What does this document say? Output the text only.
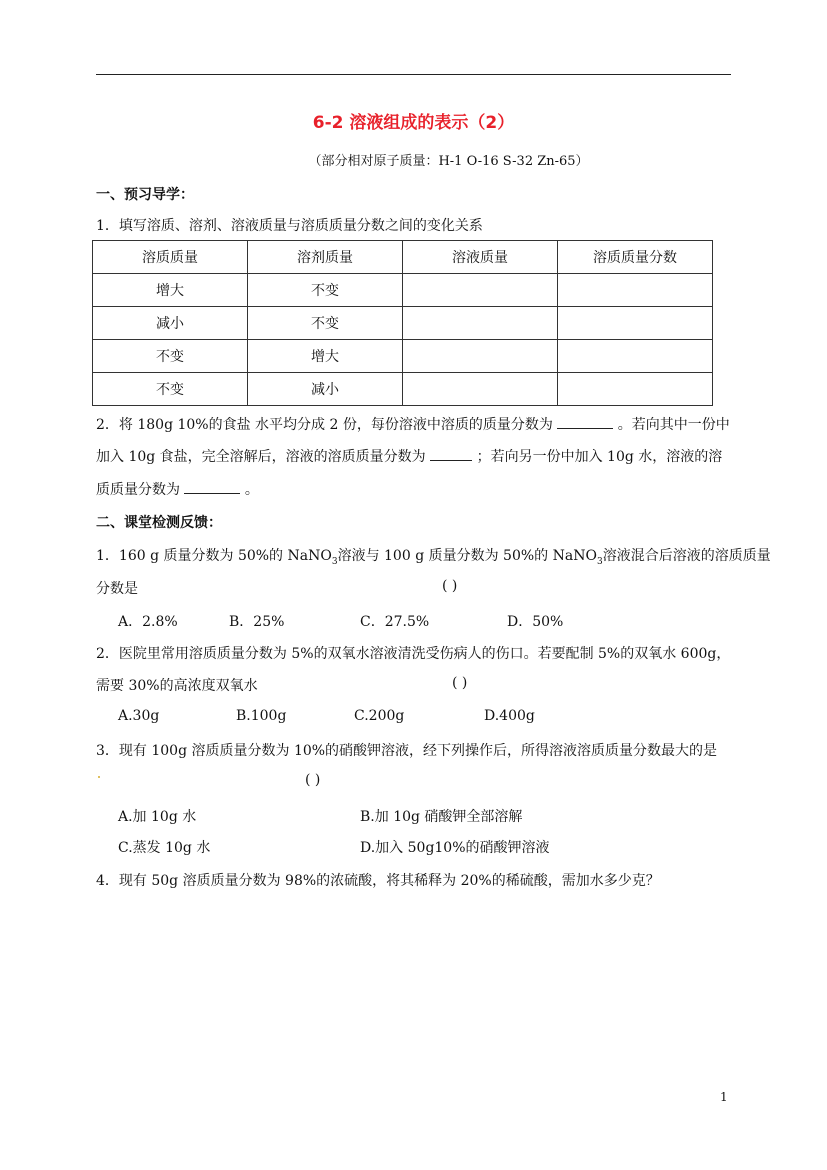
6-2 溶液组成的表示（2）
（部分相对原子质量：H-1 O-16 S-32 Zn-65）
一、预习导学：
1．填写溶质、溶剂、溶液质量与溶质质量分数之间的变化关系
溶质质量	溶剂质量	溶液质量	溶质质量分数
增大	不变		
减小	不变		
不变	增大		
不变	减小		
2．将 180g 10%的食盐 水平均分成 2 份，每份溶液中溶质的质量分数为	。若向其中一份中
加入 10g 食盐，完全溶解后，溶液的溶质质量分数为	；若向另一份中加入 10g 水，溶液的溶
质质量分数为	。
二、课堂检测反馈：
1．160 g 质量分数为 50%的 NaNO$_3$溶液与 100 g 质量分数为 50%的 NaNO$_3$溶液混合后溶液的溶质质量
分数是	( )
A．2.8%	B．25%	C．27.5%	D．50%
2．医院里常用溶质质量分数为 5%的双氧水溶液清洗受伤病人的伤口。若要配制 5%的双氧水 600g，
需要 30%的高浓度双氧水	( )
A.30g	B.100g	C.200g	D.400g
3．现有 100g 溶质质量分数为 10%的硝酸钾溶液，经下列操作后，所得溶液溶质质量分数最大的是
( )
A.加 10g 水	B.加 10g 硝酸钾全部溶解
C.蒸发 10g 水	D.加入 50g10%的硝酸钾溶液
4．现有 50g 溶质质量分数为 98%的浓硫酸，将其稀释为 20%的稀硫酸，需加水多少克？
1
